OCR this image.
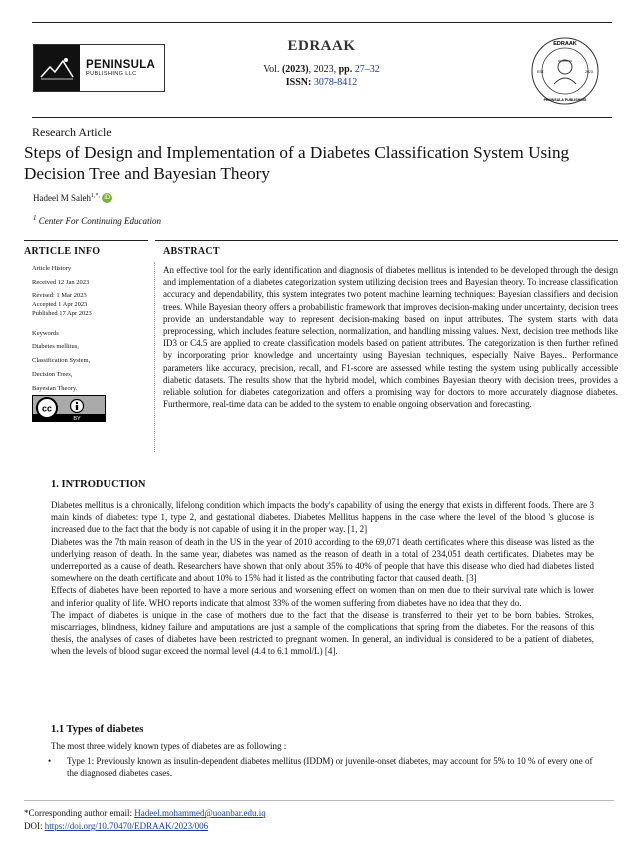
PENINSULA
PUBLISHING LLC
EDRAAK
Vol. (2023), 2023, pp. 27–32
ISSN: 3078-8412
EDRAAK
EST.	2023
PENINSULA PUBLISHING
Research Article
Steps of Design and Implementation of a Diabetes Classification System Using Decision Tree and Bayesian Theory
Hadeel M Saleh$^{1,*,}$ iD
$^1$ Center For Continuing Education
ARTICLE INFO
Article History
Received 12 Jan 2023
Revised: 1 Mar 2023
Accepted 1 Apr 2023
Published 17 Apr 2023
Keywords
Diabetes mellitus,
Classification System,
Decision Trees,
Bayesian Theory.
cc
BY
ABSTRACT
An effective tool for the early identification and diagnosis of diabetes mellitus is intended to be developed through the design and implementation of a diabetes categorization system utilizing decision trees and Bayesian theory. To increase classification accuracy and dependability, this system integrates two potent machine learning techniques: Bayesian classifiers and decision trees. While Bayesian theory offers a probabilistic framework that improves decision-making under uncertainty, decision trees provide an understandable way to represent decision-making based on input attributes. The system starts with data preprocessing, which includes feature selection, normalization, and handling missing values. Next, decision tree methods like ID3 or C4.5 are applied to create classification models based on patient attributes. The categorization is then further refined by incorporating prior knowledge and uncertainty using Bayesian techniques, especially Naive Bayes.. Performance parameters like accuracy, precision, recall, and F1-score are assessed while testing the system using publically accessible diabetic datasets. The results show that the hybrid model, which combines Bayesian theory with decision trees, provides a reliable solution for diabetes categorization and offers a promising way for doctors to more accurately diagnose diabetes. Furthermore, real-time data can be added to the system to enable ongoing observation and forecasting.
1. INTRODUCTION

Diabetes mellitus is a chronically, lifelong condition which impacts the body's capability of using the energy that exists in different foods. There are 3 main kinds of diabetes: type 1, type 2, and gestational diabetes. Diabetes Mellitus happens in the case where the level of the blood 's glucose is increased due to the fact that the body is not capable of using it in the proper way. [1, 2]

Diabetes was the 7th main reason of death in the US in the year of 2010 according to the 69,071 death certificates where this disease was listed as the underlying reason of death. In the same year, diabetes was named as the reason of death in a total of 234,051 death certificates. Diabetes may be underreported as a cause of death. Researchers have shown that only about 35% to 40% of people that have this disease who died had diabetes listed somewhere on the death certificate and about 10% to 15% had it listed as the contributing factor that caused death. [3]

Effects of diabetes have been reported to have a more serious and worsening effect on women than on men due to their survival rate which is lower and inferior quality of life. WHO reports indicate that almost 33% of the women suffering from diabetes have no idea that they do.

The impact of diabetes is unique in the case of mothers due to the fact that the disease is transferred to their yet to be born babies. Strokes, miscarriages, blindness, kidney failure and amputations are just a sample of the complications that spring from the diabetes. For the reasons of this thesis, the analyses of cases of diabetes have been restricted to pregnant women. In general, an individual is considered to be a patient of diabetes, when the levels of blood sugar exceed the normal level (4.4 to 6.1 mmol/L) [4].

1.1 Types of diabetes
The most three widely known types of diabetes are as following :
• Type 1: Previously known as insulin-dependent diabetes mellitus (IDDM) or juvenile-onset diabetes, may account for 5% to 10 % of every one of the diagnosed diabetes cases.
*Corresponding author email: Hadeel.mohammed@uoanbar.edu.iq
DOI: https://doi.org/10.70470/EDRAAK/2023/006
